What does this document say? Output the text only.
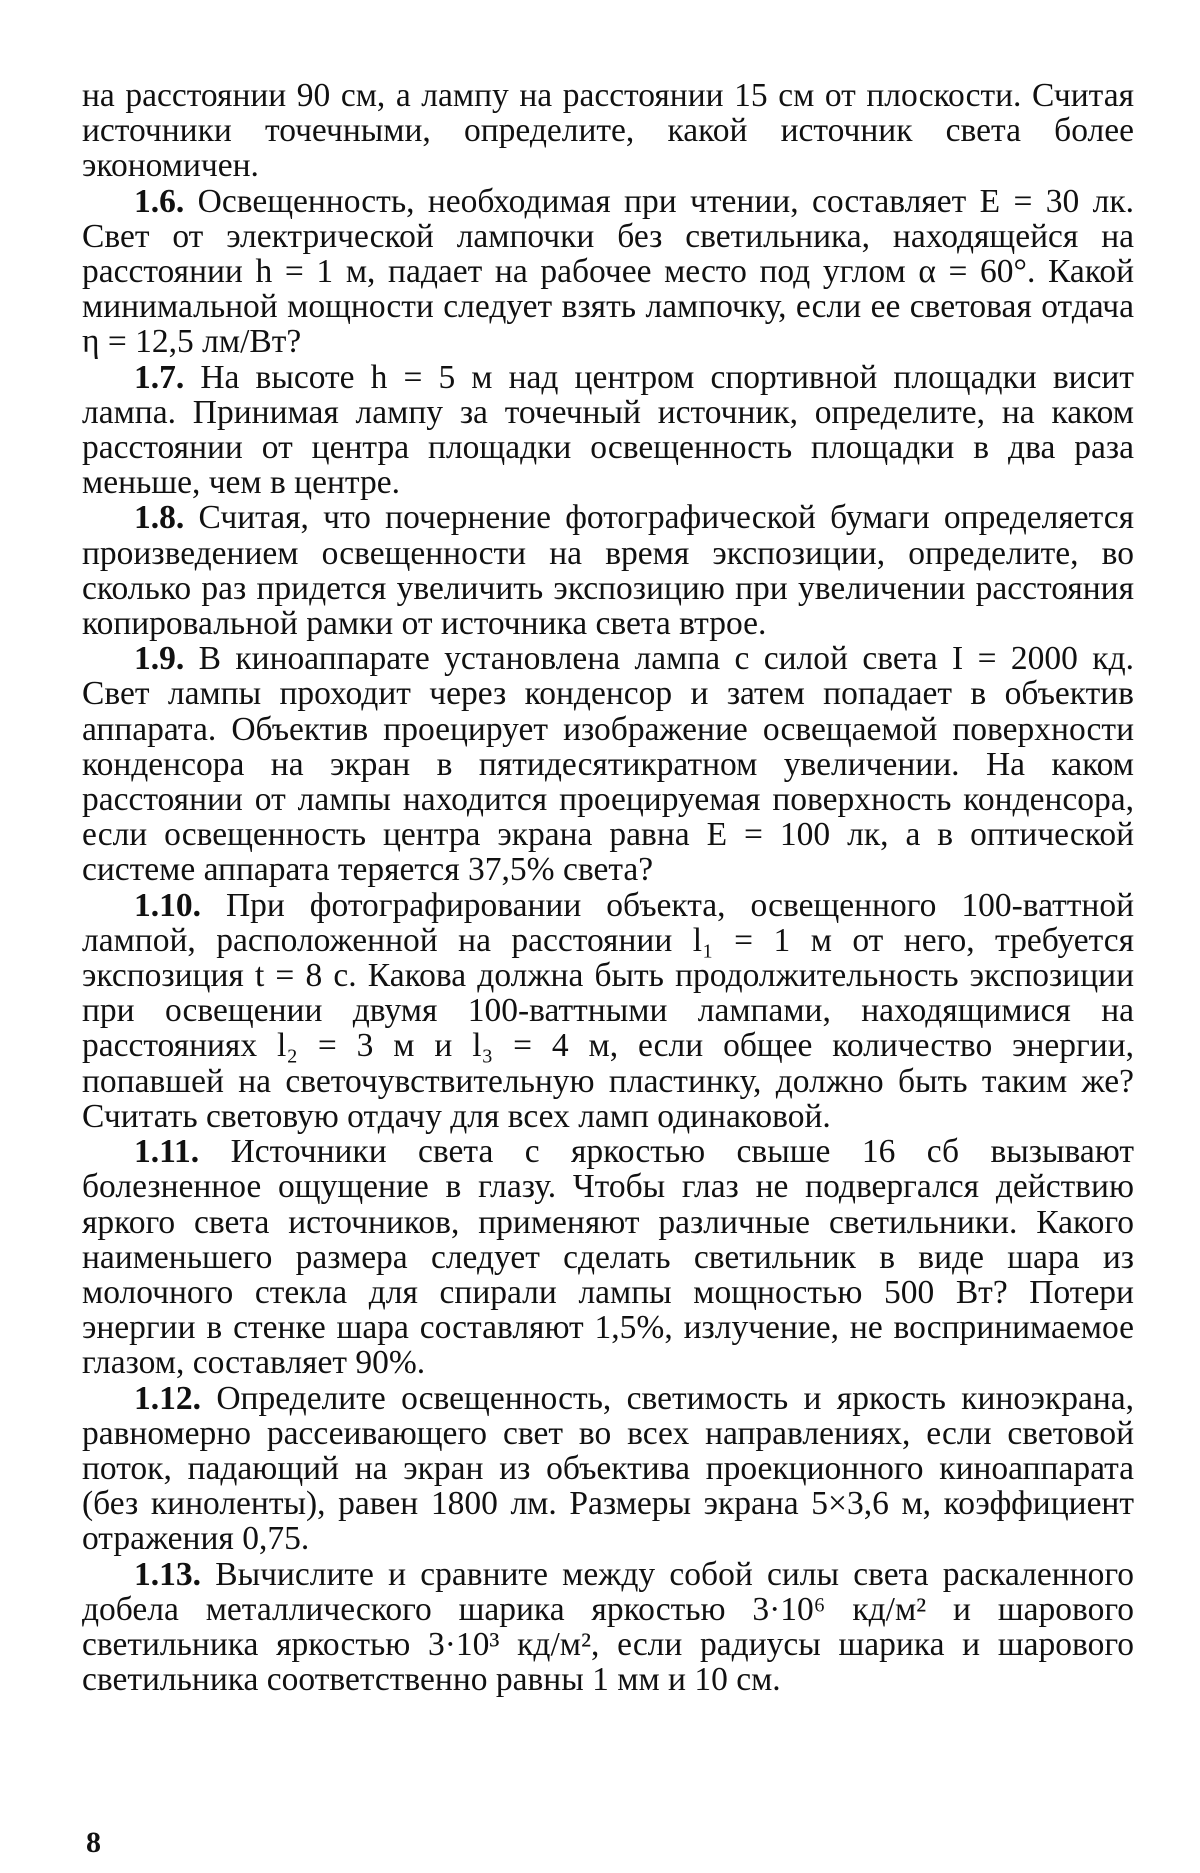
на расстоянии 90 см, а лампу на расстоянии 15 см от плоскости. Считая источники точечными, определите, какой источник света более экономичен.

1.6. Освещенность, необходимая при чтении, составляет E = 30 лк. Свет от электрической лампочки без светильника, находящейся на расстоянии h = 1 м, падает на рабочее место под углом α = 60°. Какой минимальной мощности следует взять лампочку, если ее световая отдача η = 12,5 лм/Вт?

1.7. На высоте h = 5 м над центром спортивной площадки висит лампа. Принимая лампу за точечный источник, определите, на каком расстоянии от центра площадки освещенность площадки в два раза меньше, чем в центре.

1.8. Считая, что почернение фотографической бумаги определяется произведением освещенности на время экспозиции, определите, во сколько раз придется увеличить экспозицию при увеличении расстояния копировальной рамки от источника света втрое.

1.9. В киноаппарате установлена лампа с силой света I = 2000 кд. Свет лампы проходит через конденсор и затем попадает в объектив аппарата. Объектив проецирует изображение освещаемой поверхности конденсора на экран в пятидесятикратном увеличении. На каком расстоянии от лампы находится проецируемая поверхность конденсора, если освещенность центра экрана равна E = 100 лк, а в оптической системе аппарата теряется 37,5% света?

1.10. При фотографировании объекта, освещенного 100-ваттной лампой, расположенной на расстоянии l₁ = 1 м от него, требуется экспозиция t = 8 с. Какова должна быть продолжительность экспозиции при освещении двумя 100-ваттными лампами, находящимися на расстояниях l₂ = 3 м и l₃ = 4 м, если общее количество энергии, попавшей на светочувствительную пластинку, должно быть таким же? Считать световую отдачу для всех ламп одинаковой.

1.11. Источники света с яркостью свыше 16 сб вызывают болезненное ощущение в глазу. Чтобы глаз не подвергался действию яркого света источников, применяют различные светильники. Какого наименьшего размера следует сделать светильник в виде шара из молочного стекла для спирали лампы мощностью 500 Вт? Потери энергии в стенке шара составляют 1,5%, излучение, не воспринимаемое глазом, составляет 90%.

1.12. Определите освещенность, светимость и яркость киноэкрана, равномерно рассеивающего свет во всех направлениях, если световой поток, падающий на экран из объектива проекционного киноаппарата (без киноленты), равен 1800 лм. Размеры экрана 5×3,6 м, коэффициент отражения 0,75.

1.13. Вычислите и сравните между собой силы света раскаленного добела металлического шарика яркостью 3·10⁶ кд/м² и шарового светильника яркостью 3·10³ кд/м², если радиусы шарика и шарового светильника соответственно равны 1 мм и 10 см.

8
